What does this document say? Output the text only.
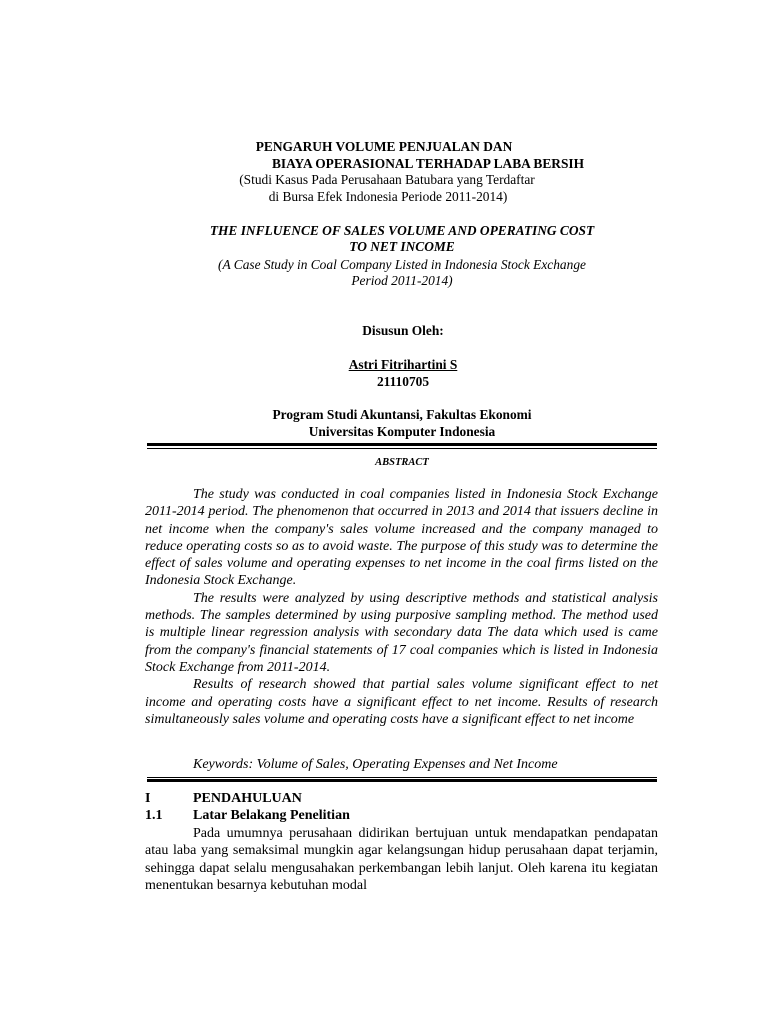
PENGARUH VOLUME PENJUALAN DAN
BIAYA OPERASIONAL TERHADAP LABA BERSIH
(Studi Kasus Pada Perusahaan Batubara yang Terdaftar
di Bursa Efek Indonesia Periode 2011-2014)
THE INFLUENCE OF SALES VOLUME AND OPERATING COST
TO NET INCOME
(A Case Study in Coal Company Listed in Indonesia Stock Exchange
Period 2011-2014)
Disusun Oleh:
Astri Fitrihartini S
21110705
Program Studi Akuntansi, Fakultas Ekonomi
Universitas Komputer Indonesia
ABSTRACT

The study was conducted in coal companies listed in Indonesia Stock Exchange 2011-2014 period. The phenomenon that occurred in 2013 and 2014 that issuers decline in net income when the company's sales volume increased and the company managed to reduce operating costs so as to avoid waste. The purpose of this study was to determine the effect of sales volume and operating expenses to net income in the coal firms listed on the Indonesia Stock Exchange.

The results were analyzed by using descriptive methods and statistical analysis methods. The samples determined by using purposive sampling method. The method used is multiple linear regression analysis with secondary data The data which used is came from the company's financial statements of 17 coal companies which is listed in Indonesia Stock Exchange from 2011-2014.

Results of research showed that partial sales volume significant effect to net income and operating costs have a significant effect to net income. Results of research simultaneously sales volume and operating costs have a significant effect to net income

Keywords: Volume of Sales, Operating Expenses and Net Income
I	PENDAHULUAN
1.1 Latar Belakang Penelitian

Pada umumnya perusahaan didirikan bertujuan untuk mendapatkan pendapatan atau laba yang semaksimal mungkin agar kelangsungan hidup perusahaan dapat terjamin, sehingga dapat selalu mengusahakan perkembangan lebih lanjut. Oleh karena itu kegiatan menentukan besarnya kebutuhan modal
